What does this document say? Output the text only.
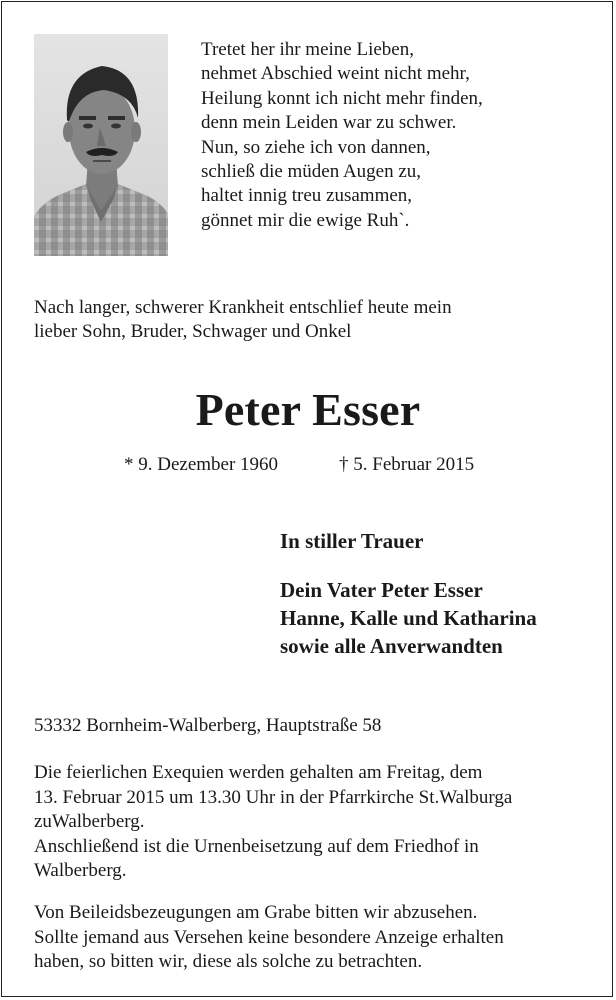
Tretet her ihr meine Lieben,
nehmet Abschied weint nicht mehr,
Heilung konnt ich nicht mehr finden,
denn mein Leiden war zu schwer.
Nun, so ziehe ich von dannen,
schließ die müden Augen zu,
haltet innig treu zusammen,
gönnet mir die ewige Ruh`.
Nach langer, schwerer Krankheit entschlief heute mein
lieber Sohn, Bruder, Schwager und Onkel
Peter Esser
* 9. Dezember 1960	† 5. Februar 2015
In stiller Trauer
Dein Vater Peter Esser
Hanne, Kalle und Katharina
sowie alle Anverwandten
53332 Bornheim-Walberberg, Hauptstraße 58
Die feierlichen Exequien werden gehalten am Freitag, dem
13. Februar 2015 um 13.30 Uhr in der Pfarrkirche St.Walburga
zuWalberberg.
Anschließend ist die Urnenbeisetzung auf dem Friedhof in
Walberberg.
Von Beileidsbezeugungen am Grabe bitten wir abzusehen.
Sollte jemand aus Versehen keine besondere Anzeige erhalten
haben, so bitten wir, diese als solche zu betrachten.
